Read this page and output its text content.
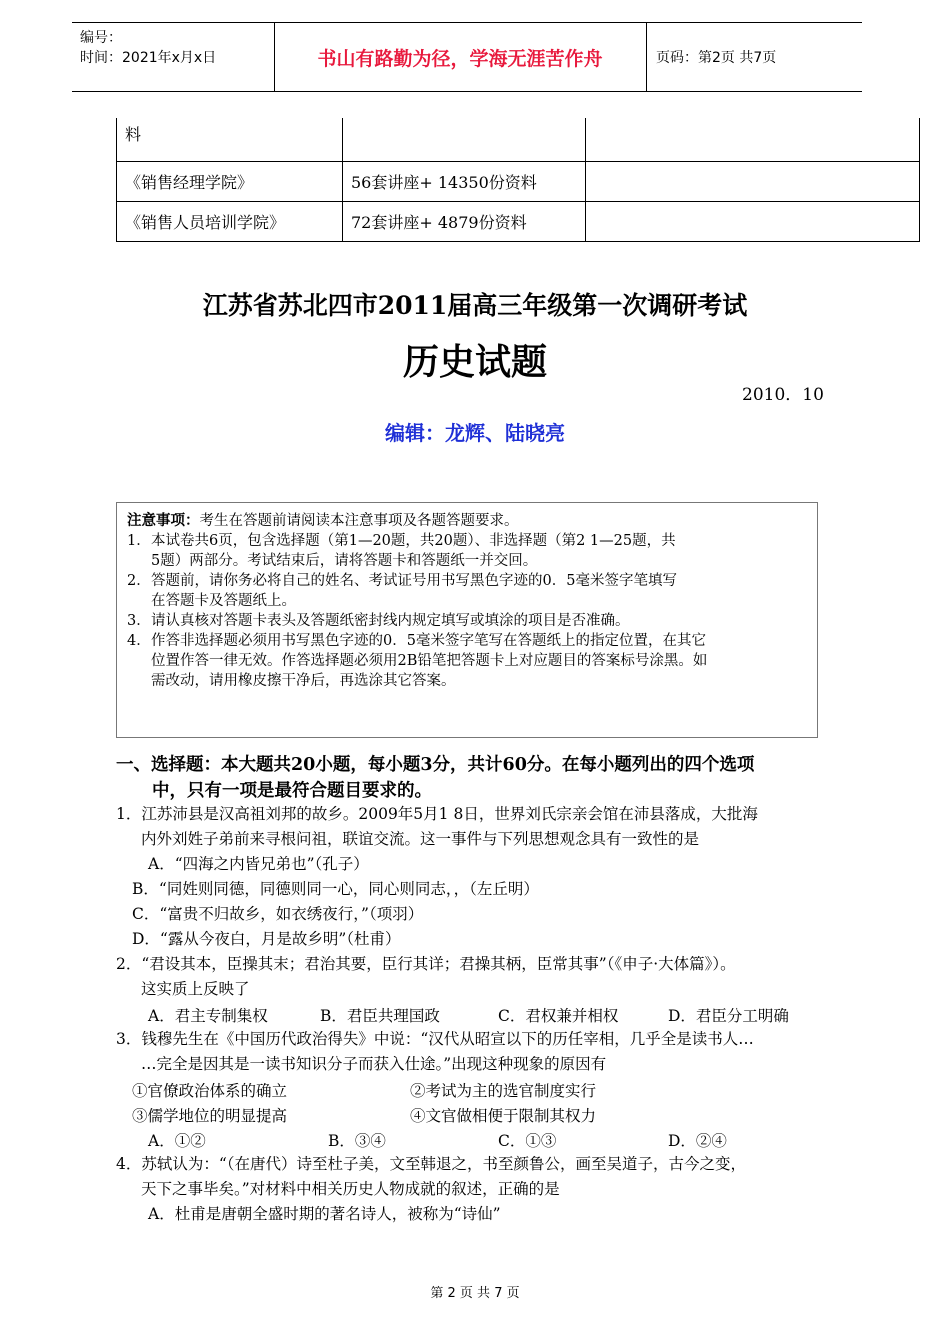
编号：
时间：2021年x月x日	书山有路勤为径，学海无涯苦作舟	页码：第2页 共7页
料		
《销售经理学院》	56套讲座+ 14350份资料	
《销售人员培训学院》	72套讲座+ 4879份资料	
江苏省苏北四市2011届高三年级第一次调研考试
历史试题
2010．10
编辑：龙辉、陆晓亮
注意事项：考生在答题前请阅读本注意事项及各题答题要求。
1． 本试卷共6页，包含选择题（第1—20题，共20题）、非选择题（第2 1—25题，共
5题）两部分。考试结束后，请将答题卡和答题纸一并交回。
2． 答题前，请你务必将自己的姓名、考试证号用书写黑色字迹的0．5毫米签字笔填写
在答题卡及答题纸上。
3． 请认真核对答题卡表头及答题纸密封线内规定填写或填涂的项目是否准确。
4． 作答非选择题必须用书写黑色字迹的0．5毫米签字笔写在答题纸上的指定位置，在其它
位置作答一律无效。作答选择题必须用2B铅笔把答题卡上对应题目的答案标号涂黑。如
需改动，请用橡皮擦干净后，再选涂其它答案。
一、选择题：本大题共20小题，每小题3分，共计60分。在每小题列出的四个选项
中，只有一项是最符合题目要求的。
1．江苏沛县是汉高祖刘邦的故乡。2009年5月1 8日，世界刘氏宗亲会馆在沛县落成，大批海
内外刘姓子弟前来寻根问祖，联谊交流。这一事件与下列思想观念具有一致性的是
A．“四海之内皆兄弟也”（孔子）
B．“同姓则同德，同德则同一心，同心则同志，，（左丘明）
C．“富贵不归故乡，如衣绣夜行，”（项羽）
D．“露从今夜白，月是故乡明”（杜甫）
2．“君设其本，臣操其末；君治其要，臣行其详；君操其柄，臣常其事”（《申子·大体篇》）。
这实质上反映了
A．君主专制集权	B．君臣共理国政	C．君权兼并相权	D．君臣分工明确
3．钱穆先生在《中国历代政治得失》中说：“汉代从昭宣以下的历任宰相，几乎全是读书人…
…完全是因其是一读书知识分子而获入仕途。”出现这种现象的原因有
①官僚政治体系的确立	②考试为主的选官制度实行
③儒学地位的明显提高	④文官做相便于限制其权力
A．①②	B．③④	C．①③	D．②④
4．苏轼认为：“（在唐代）诗至杜子美，文至韩退之，书至颜鲁公，画至吴道子，古今之变，
天下之事毕矣。”对材料中相关历史人物成就的叙述，正确的是
A．杜甫是唐朝全盛时期的著名诗人，被称为“诗仙”
第 2 页 共 7 页
